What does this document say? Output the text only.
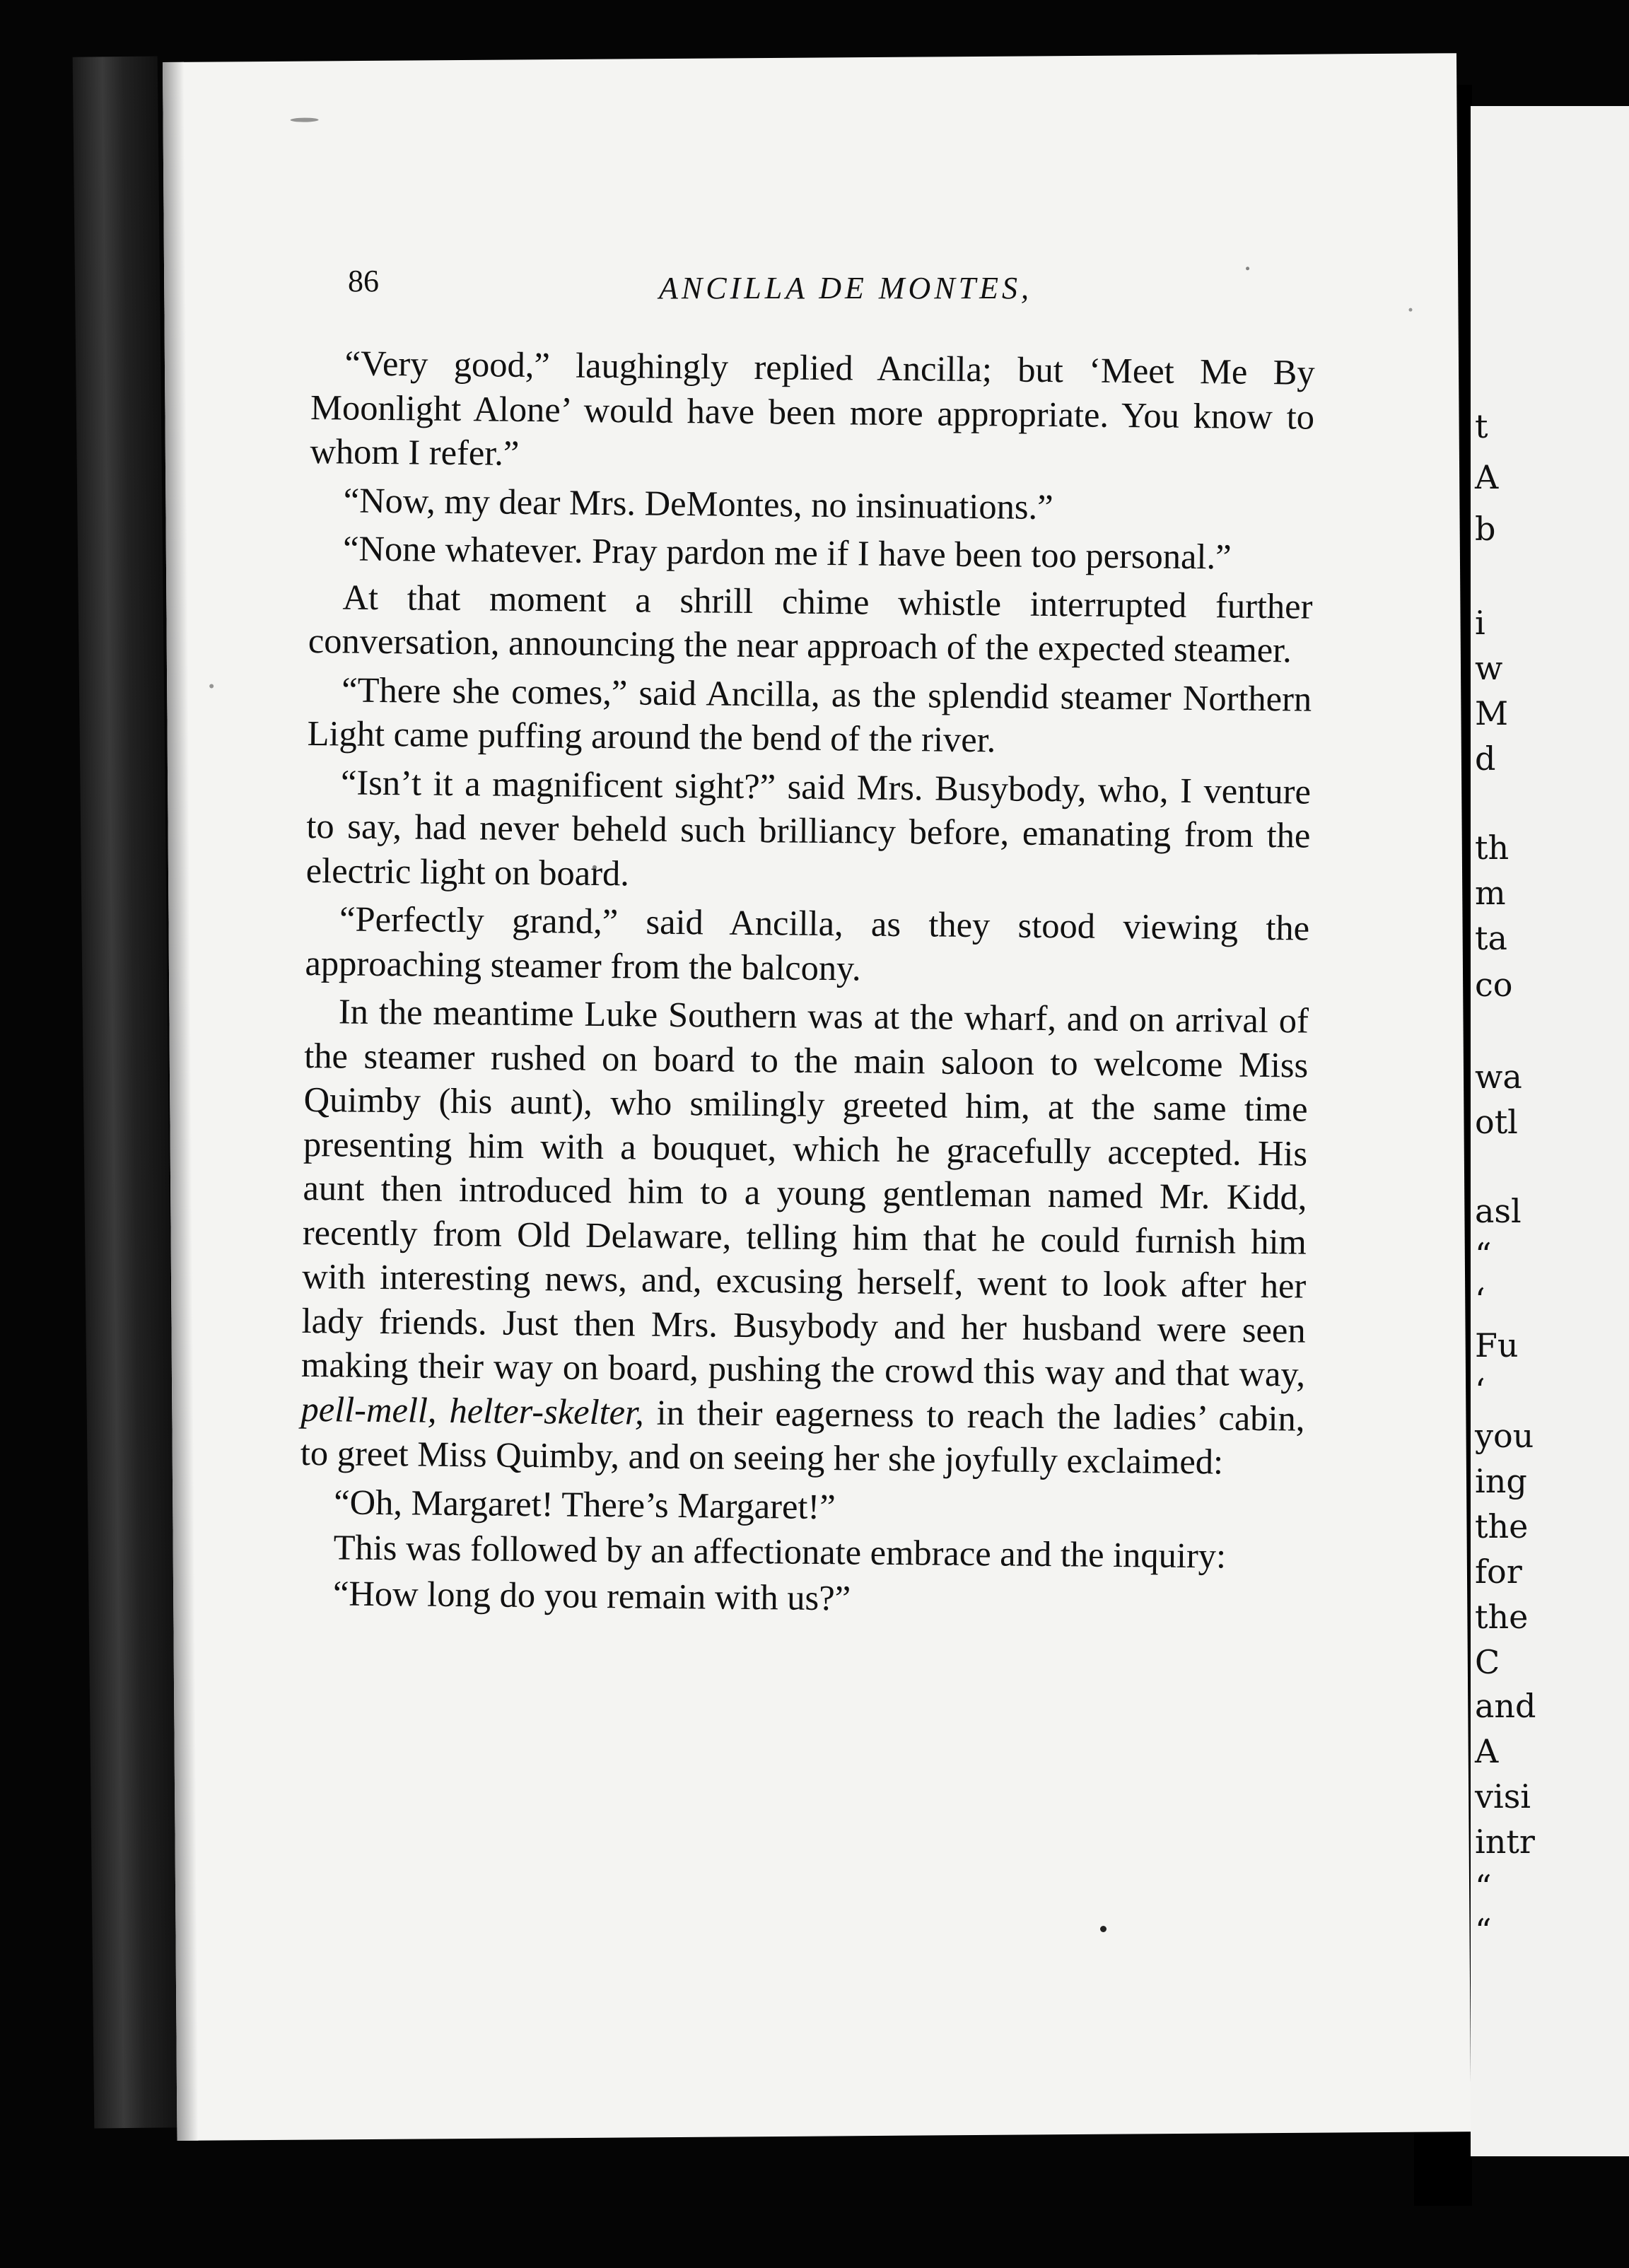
86	ANCILLA DE MONTES,

“Very good,” laughingly replied Ancilla; but ‘Meet Me By Moonlight Alone’ would have been more appropriate. You know to whom I refer.”

“Now, my dear Mrs. DeMontes, no insinuations.”

“None whatever. Pray pardon me if I have been too personal.”

At that moment a shrill chime whistle interrupted further conversation, announcing the near approach of the expected steamer.

“There she comes,” said Ancilla, as the splendid steamer Northern Light came puffing around the bend of the river.

“Isn’t it a magnificent sight?” said Mrs. Busybody, who, I venture to say, had never beheld such brilliancy before, emanating from the electric light on board.

“Perfectly grand,” said Ancilla, as they stood viewing the approaching steamer from the balcony.

In the meantime Luke Southern was at the wharf, and on arrival of the steamer rushed on board to the main saloon to welcome Miss Quimby (his aunt), who smilingly greeted him, at the same time presenting him with a bouquet, which he gracefully accepted. His aunt then introduced him to a young gentleman named Mr. Kidd, recently from Old Delaware, telling him that he could furnish him with interesting news, and, excusing herself, went to look after her lady friends. Just then Mrs. Busybody and her husband were seen making their way on board, pushing the crowd this way and that way, pell-mell, helter-skelter, in their eagerness to reach the ladies’ cabin, to greet Miss Quimby, and on seeing her she joyfully exclaimed:

“Oh, Margaret! There’s Margaret!”

This was followed by an affectionate embrace and the inquiry:

“How long do you remain with us?”

t
A
b
i
w
M
d
th
m
ta
co
wa
otl
asl
“
‘
Fu
‘
you
ing
the
for
the
C
and
A
visi
intr
“
“
